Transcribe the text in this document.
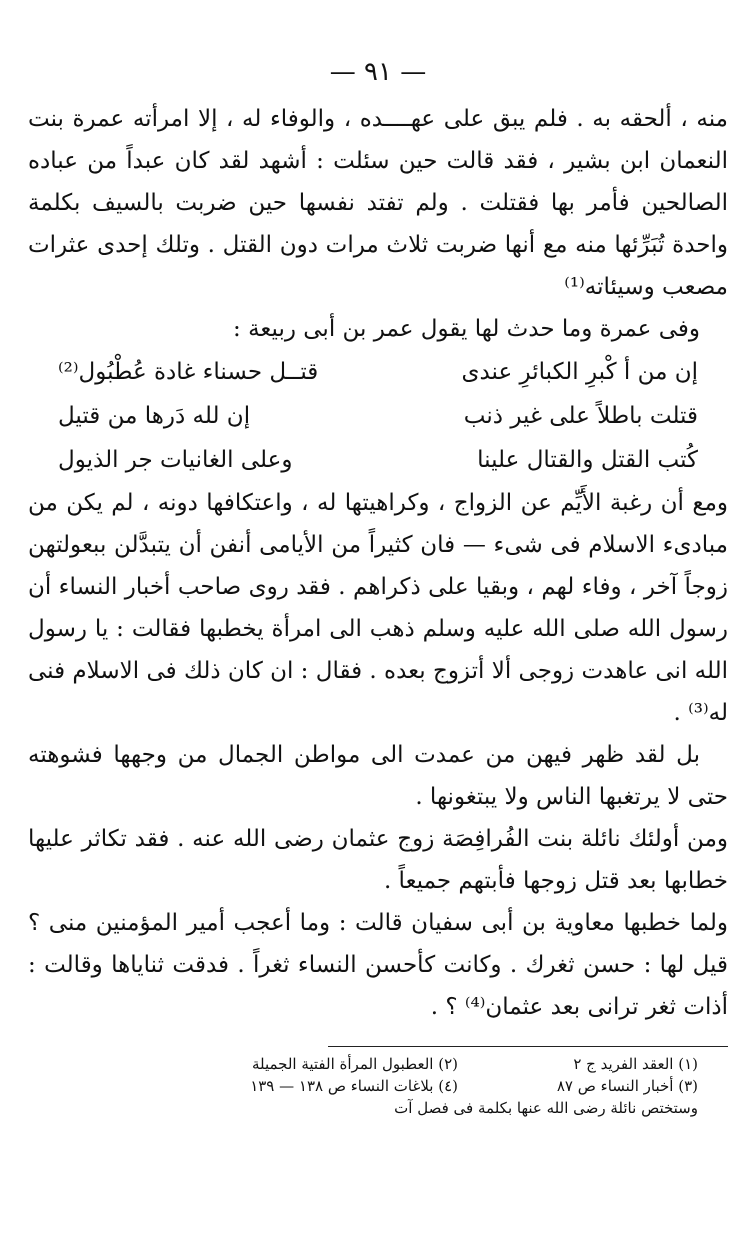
— ٩١ —

منه ، ألحقه به . فلم يبق على عهــــده ، والوفاء له ، إلا امرأته عمرة بنت النعمان ابن بشير ، فقد قالت حين سئلت : أشهد لقد كان عبداً من عباده الصالحين فأمر بها فقتلت . ولم تفتد نفسها حين ضربت بالسيف بكلمة واحدة تُبَرِّئها منه مع أنها ضربت ثلاث مرات دون القتل . وتلك إحدى عثرات مصعب وسيئاته⁽¹⁾

وفى عمرة وما حدث لها يقول عمر بن أبى ربيعة :

إن من أ كْبرِ الكبائرِ عندى
قتــل حسناء غادة عُطْبُول⁽²⁾
قتلت باطلاً على غير ذنب
إن لله دَرها من قتيل
كُتب القتل والقتال علينا
وعلى الغانيات جر الذيول

ومع أن رغبة الأَيِّم عن الزواج ، وكراهيتها له ، واعتكافها دونه ، لم يكن من مبادىء الاسلام فى شىء — فان كثيراً من الأيامى أنفن أن يتبدَّلن ببعولتهن زوجاً آخر ، وفاء لهم ، وبقيا على ذكراهم . فقد روى صاحب أخبار النساء أن رسول الله صلى الله عليه وسلم ذهب الى امرأة يخطبها فقالت : يا رسول الله انى عاهدت زوجى ألا أتزوج بعده . فقال : ان كان ذلك فى الاسلام فنى له⁽³⁾ .

بل لقد ظهر فيهن من عمدت الى مواطن الجمال من وجهها فشوهته حتى لا يرتغبها الناس ولا يبتغونها .

ومن أولئك نائلة بنت الفُرافِصَة زوج عثمان رضى الله عنه . فقد تكاثر عليها خطابها بعد قتل زوجها فأبتهم جميعاً .

ولما خطبها معاوية بن أبى سفيان قالت : وما أعجب أمير المؤمنين منى ؟ قيل لها : حسن ثغرك . وكانت كأحسن النساء ثغراً . فدقت ثناياها وقالت : أذات ثغر ترانى بعد عثمان⁽⁴⁾ ؟ .

(١) العقد الفريد ج ٢
(٢) العطبول المرأة الفتية الجميلة
(٣) أخبار النساء ص ٨٧
(٤) بلاغات النساء ص ١٣٨ — ١٣٩
وستختص نائلة رضى الله عنها بكلمة فى فصل آت
